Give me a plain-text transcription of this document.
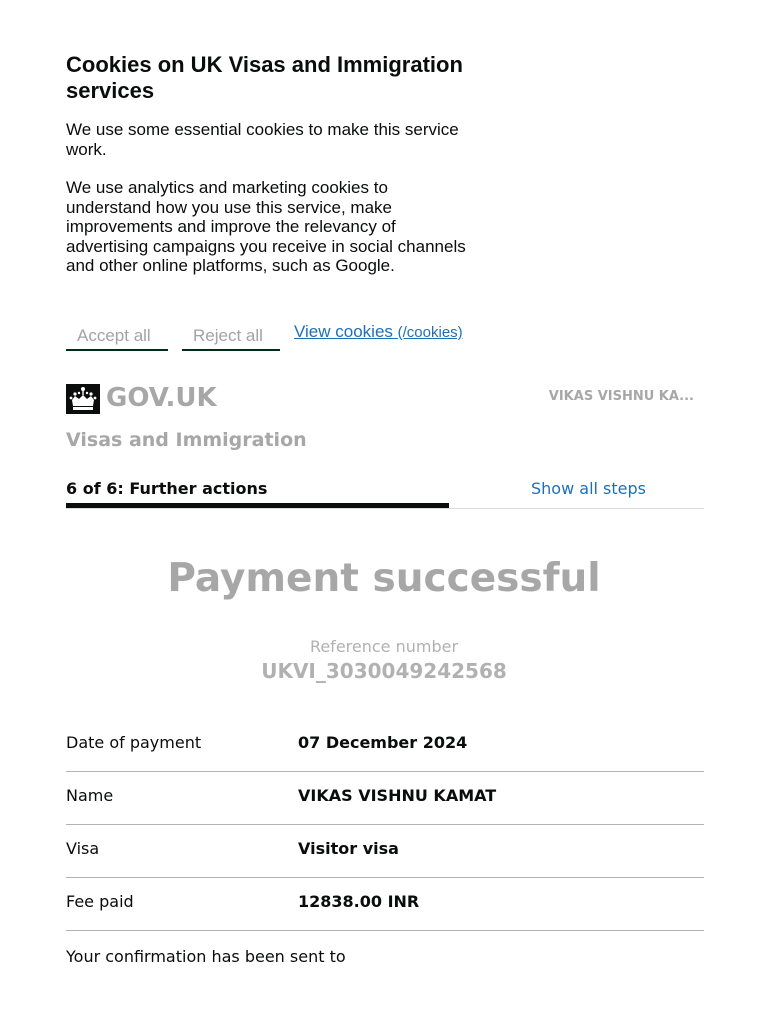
Cookies on UK Visas and Immigration services

We use some essential cookies to make this service work.

We use analytics and marketing cookies to understand how you use this service, make improvements and improve the relevancy of advertising campaigns you receive in social channels and other online platforms, such as Google.

Accept all	Reject all	View cookies (/cookies)
GOV.UK	VIKAS VISHNU KA...
Visas and Immigration
6 of 6: Further actions	Show all steps
Payment successful
Reference number
UKVI_3030049242568
Date of payment	07 December 2024
Name	VIKAS VISHNU KAMAT
Visa	Visitor visa
Fee paid	12838.00 INR

Your confirmation has been sent to
